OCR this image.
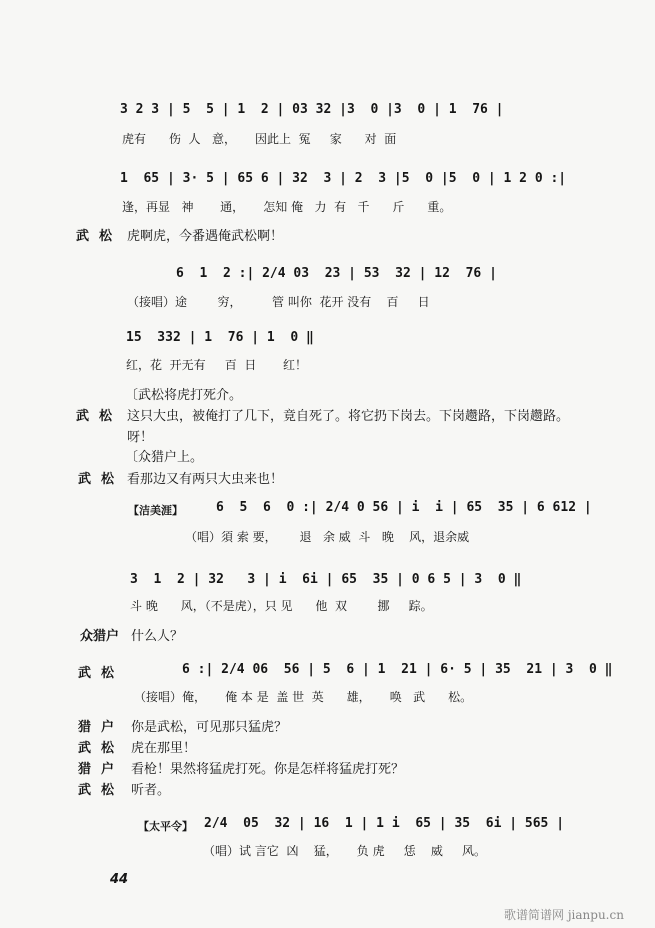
3 2 3 | 5  5 | 1  2 | 03 32 |3  0 |3  0 | 1  76 |
虎有      伤  人   意，     因此上  冤     家      对  面
1  65 | 3· 5 | 65 6 | 32  3 | 2  3 |5  0 |5  0 | 1 2 0 :|
逢，再显   神       通，     怎知 俺   力  有   千      斤      重。
武松 虎啊虎，今番遇俺武松啊！
6  1  2 :| 2/4 03  23 | 53  32 | 12  76 |
（接唱）途        穷，        管 叫你  花开 没有    百     日
15  332 | 1  76 | 1  0 ‖
红，花  开无有     百  日       红！
〔武松将虎打死介。
武松 这只大虫，被俺打了几下，竟自死了。将它扔下岗去。下岗趱路，下岗趱路。
呀！
〔众猎户上。
武松 看那边又有两只大虫来也！
【洁美涯】	6  5  6  0 :| 2/4 0 56 | i  i | 65  35 | 6 612 |
（唱）須 索 要，      退   余 威  斗   晚    风，退余威
3  1  2 | 32   3 | i  6i | 65  35 | 0 6 5 | 3  0 ‖
斗 晚      风，（不是虎），只 见      他  双        挪     踪。
众猎户 什么人？
武松	6 :| 2/4 06  56 | 5  6 | 1  21 | 6· 5 | 35  21 | 3  0 ‖
（接唱）俺，     俺 本 是  盖 世  英      雄，     唤   武      松。
猎户 你是武松，可见那只猛虎？
武松 虎在那里！
猎户 看枪！果然将猛虎打死。你是怎样将猛虎打死？
武松 听者。
【太平令】 2/4  05  32 | 16  1 | 1 i  65 | 35  6i | 565 |
（唱）试 言它  凶    猛，     负 虎     恁    威     风。
44
歌谱简谱网 jianpu.cn
